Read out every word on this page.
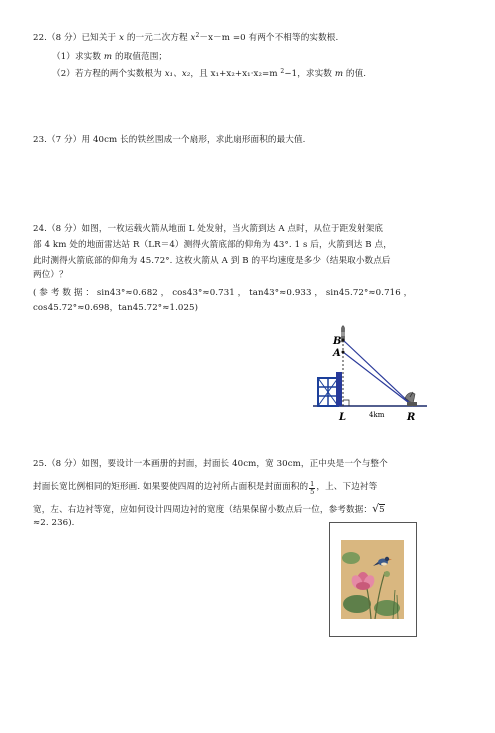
22.（8 分）已知关于 x 的一元二次方程 $x^2-x-m =0$ 有两个不相等的实数根.
（1）求实数 m 的取值范围；
（2）若方程的两个实数根为 x₁、x₂，且 x₁+x₂+x₁·x₂=m $^2$−1，求实数 m 的值.
23.（7 分）用 40cm 长的铁丝围成一个扇形，求此扇形面积的最大值.
24.（8 分）如图，一枚运载火箭从地面 L 处发射，当火箭到达 A 点时，从位于距发射架底
部 4 km 处的地面雷达站 R（LR＝4）测得火箭底部的仰角为 43°. 1 s 后，火箭到达 B 点，
此时测得火箭底部的仰角为 45.72°. 这枚火箭从 A 到 B 的平均速度是多少（结果取小数点后
两位）？
( 参 考 数 据 ： sin43°≈0.682 ， cos43°≈0.731 ， tan43°≈0.933 ， sin45.72°≈0.716 ，
cos45.72°≈0.698，tan45.72°≈1.025)
B
A
L	R
4km
25.（8 分）如图，要设计一本画册的封面，封面长 40cm，宽 30cm，正中央是一个与整个
封面长宽比例相同的矩形画. 如果要使四周的边衬所占面积是封面面积的 $\frac{1}{5}$ ，上、下边衬等
宽，左、右边衬等宽，应如何设计四周边衬的宽度（结果保留小数点后一位，参考数据：√5
≈2. 236).
